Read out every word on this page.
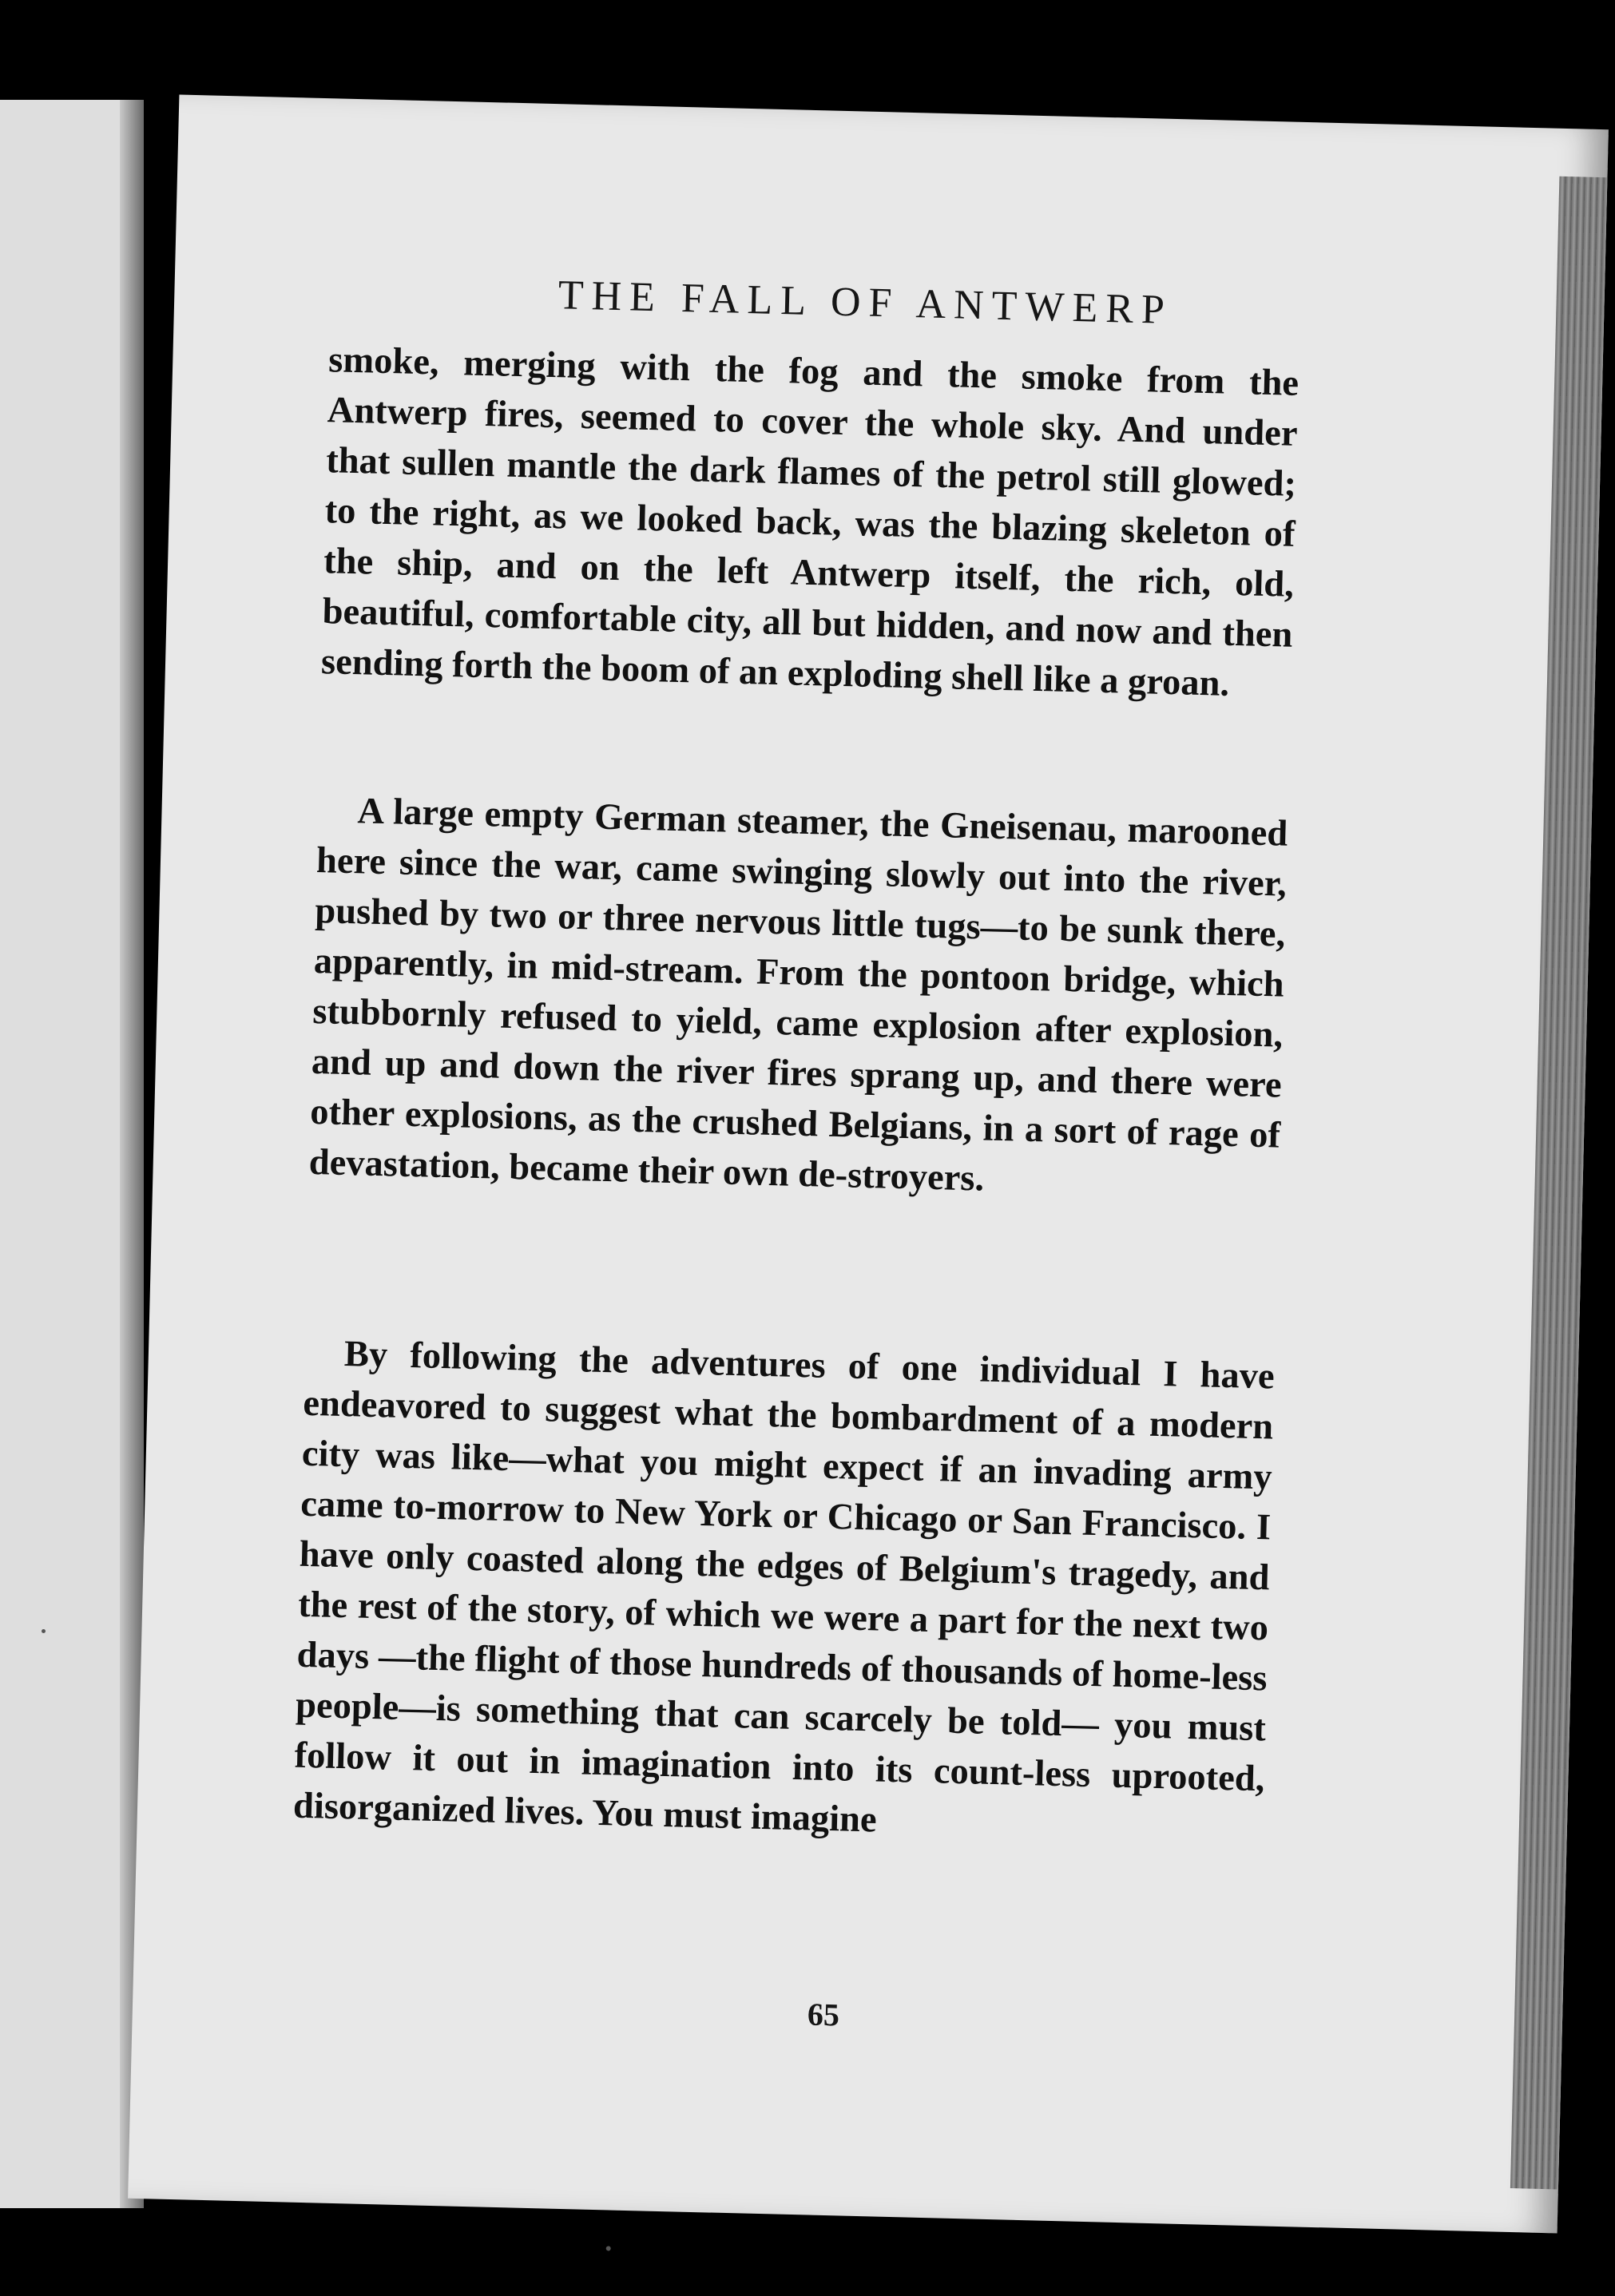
THE FALL OF ANTWERP

smoke, merging with the fog and the smoke from the Antwerp fires, seemed to cover the whole sky. And under that sullen mantle the dark flames of the petrol still glowed; to the right, as we looked back, was the blazing skeleton of the ship, and on the left Antwerp itself, the rich, old, beautiful, comfortable city, all but hidden, and now and then sending forth the boom of an exploding shell like a groan.

A large empty German steamer, the Gneisenau, marooned here since the war, came swinging slowly out into the river, pushed by two or three nervous little tugs—to be sunk there, apparently, in mid-stream. From the pontoon bridge, which stubbornly refused to yield, came explosion after explosion, and up and down the river fires sprang up, and there were other explosions, as the crushed Belgians, in a sort of rage of devastation, became their own de-stroyers.

By following the adventures of one individual I have endeavored to suggest what the bombardment of a modern city was like—what you might expect if an invading army came to-morrow to New York or Chicago or San Francisco. I have only coasted along the edges of Belgium's tragedy, and the rest of the story, of which we were a part for the next two days —the flight of those hundreds of thousands of home-less people—is something that can scarcely be told— you must follow it out in imagination into its count-less uprooted, disorganized lives. You must imagine

65
